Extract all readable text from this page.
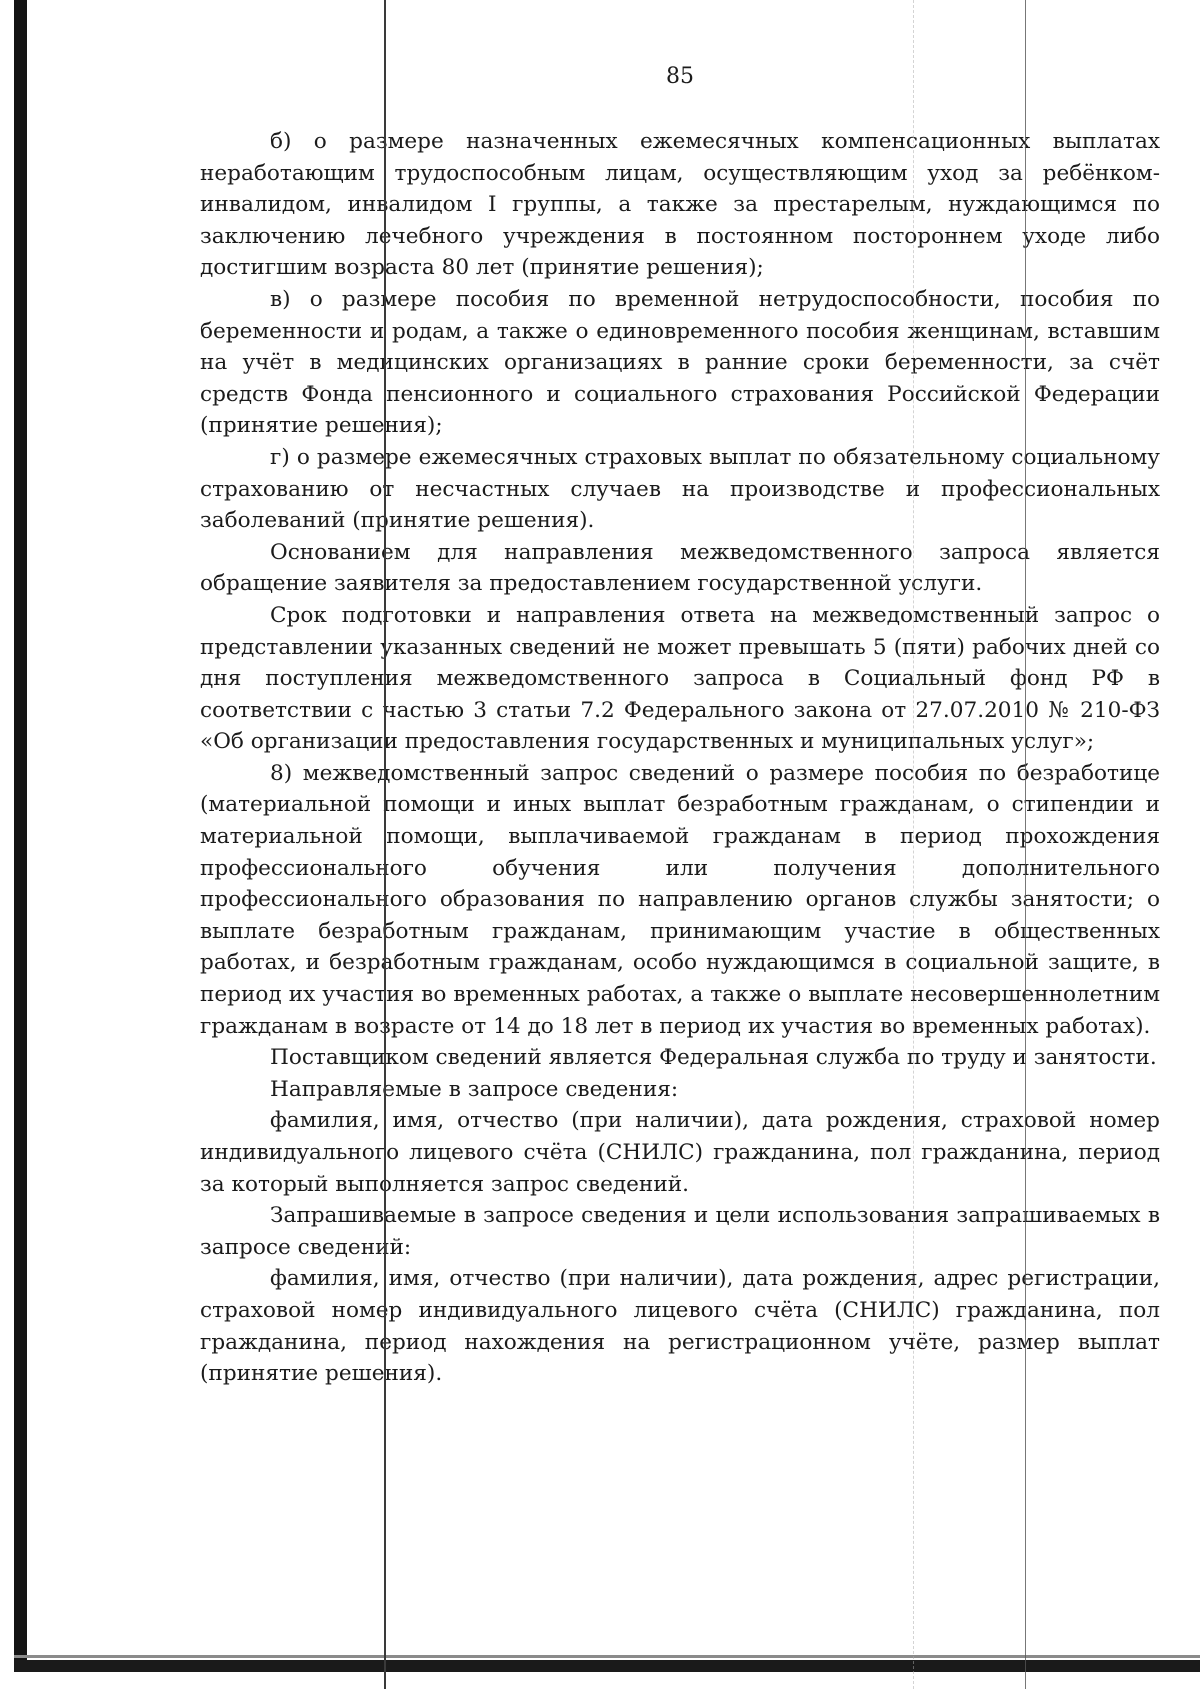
85

б) о размере назначенных ежемесячных компенсационных выплатах неработающим трудоспособным лицам, осуществляющим уход за ребёнком-инвалидом, инвалидом I группы, а также за престарелым, нуждающимся по заключению лечебного учреждения в постоянном постороннем уходе либо достигшим возраста 80 лет (принятие решения);

в) о размере пособия по временной нетрудоспособности, пособия по беременности и родам, а также о единовременного пособия женщинам, вставшим на учёт в медицинских организациях в ранние сроки беременности, за счёт средств Фонда пенсионного и социального страхования Российской Федерации (принятие решения);

г) о размере ежемесячных страховых выплат по обязательному социальному страхованию от несчастных случаев на производстве и профессиональных заболеваний (принятие решения).

Основанием для направления межведомственного запроса является обращение заявителя за предоставлением государственной услуги.

Срок подготовки и направления ответа на межведомственный запрос о представлении указанных сведений не может превышать 5 (пяти) рабочих дней со дня поступления межведомственного запроса в Социальный фонд РФ в соответствии с частью 3 статьи 7.2 Федерального закона от 27.07.2010 № 210-ФЗ «Об организации предоставления государственных и муниципальных услуг»;

8) межведомственный запрос сведений о размере пособия по безработице (материальной помощи и иных выплат безработным гражданам, о стипендии и материальной помощи, выплачиваемой гражданам в период прохождения профессионального обучения или получения дополнительного профессионального образования по направлению органов службы занятости; о выплате безработным гражданам, принимающим участие в общественных работах, и безработным гражданам, особо нуждающимся в социальной защите, в период их участия во временных работах, а также о выплате несовершеннолетним гражданам в возрасте от 14 до 18 лет в период их участия во временных работах).

Поставщиком сведений является Федеральная служба по труду и занятости.

Направляемые в запросе сведения:

фамилия, имя, отчество (при наличии), дата рождения, страховой номер индивидуального лицевого счёта (СНИЛС) гражданина, пол гражданина, период за который выполняется запрос сведений.

Запрашиваемые в запросе сведения и цели использования запрашиваемых в запросе сведений:

фамилия, имя, отчество (при наличии), дата рождения, адрес регистрации, страховой номер индивидуального лицевого счёта (СНИЛС) гражданина, пол гражданина, период нахождения на регистрационном учёте, размер выплат (принятие решения).
